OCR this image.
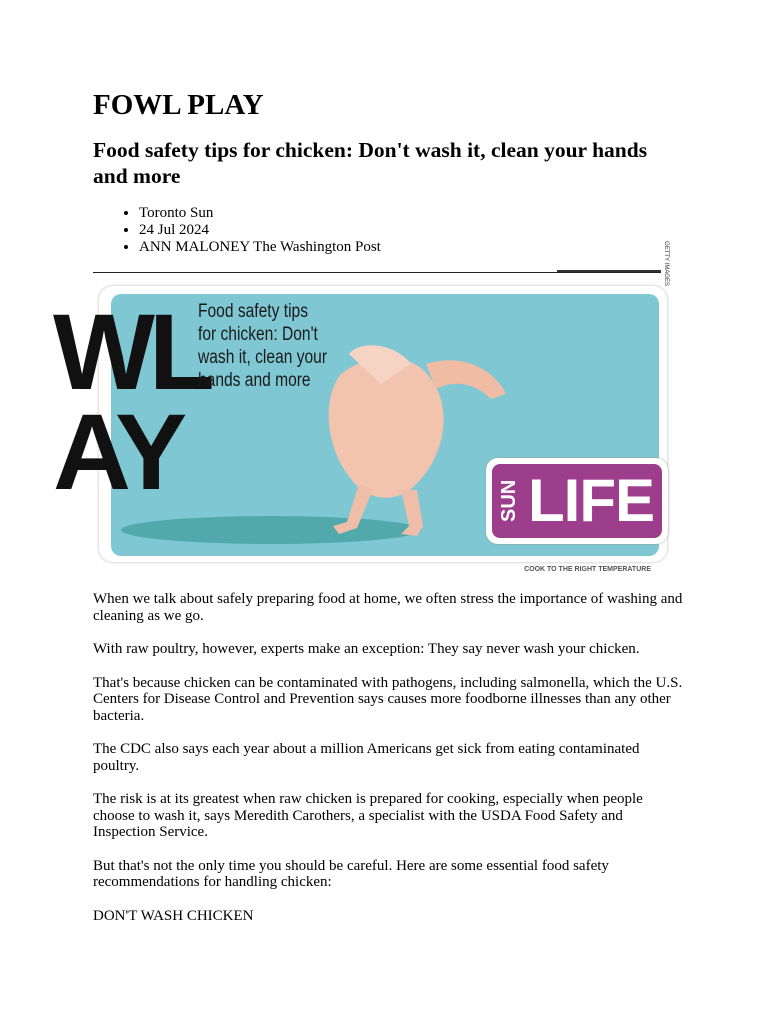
FOWL PLAY
Food safety tips for chicken: Don't wash it, clean your hands and more
• Toronto Sun
• 24 Jul 2024
• ANN MALONEY The Washington Post
WL
AY
Food safety tips for chicken: Don't wash it, clean your hands and more
GETTY IMAGES
SUN LIFE
COOK TO THE RIGHT TEMPERATURE

When we talk about safely preparing food at home, we often stress the importance of washing and cleaning as we go.

With raw poultry, however, experts make an exception: They say never wash your chicken.

That's because chicken can be contaminated with pathogens, including salmonella, which the U.S. Centers for Disease Control and Prevention says causes more foodborne illnesses than any other bacteria.

The CDC also says each year about a million Americans get sick from eating contaminated poultry.

The risk is at its greatest when raw chicken is prepared for cooking, especially when people choose to wash it, says Meredith Carothers, a specialist with the USDA Food Safety and Inspection Service.

But that's not the only time you should be careful. Here are some essential food safety recommendations for handling chicken:

DON'T WASH CHICKEN
